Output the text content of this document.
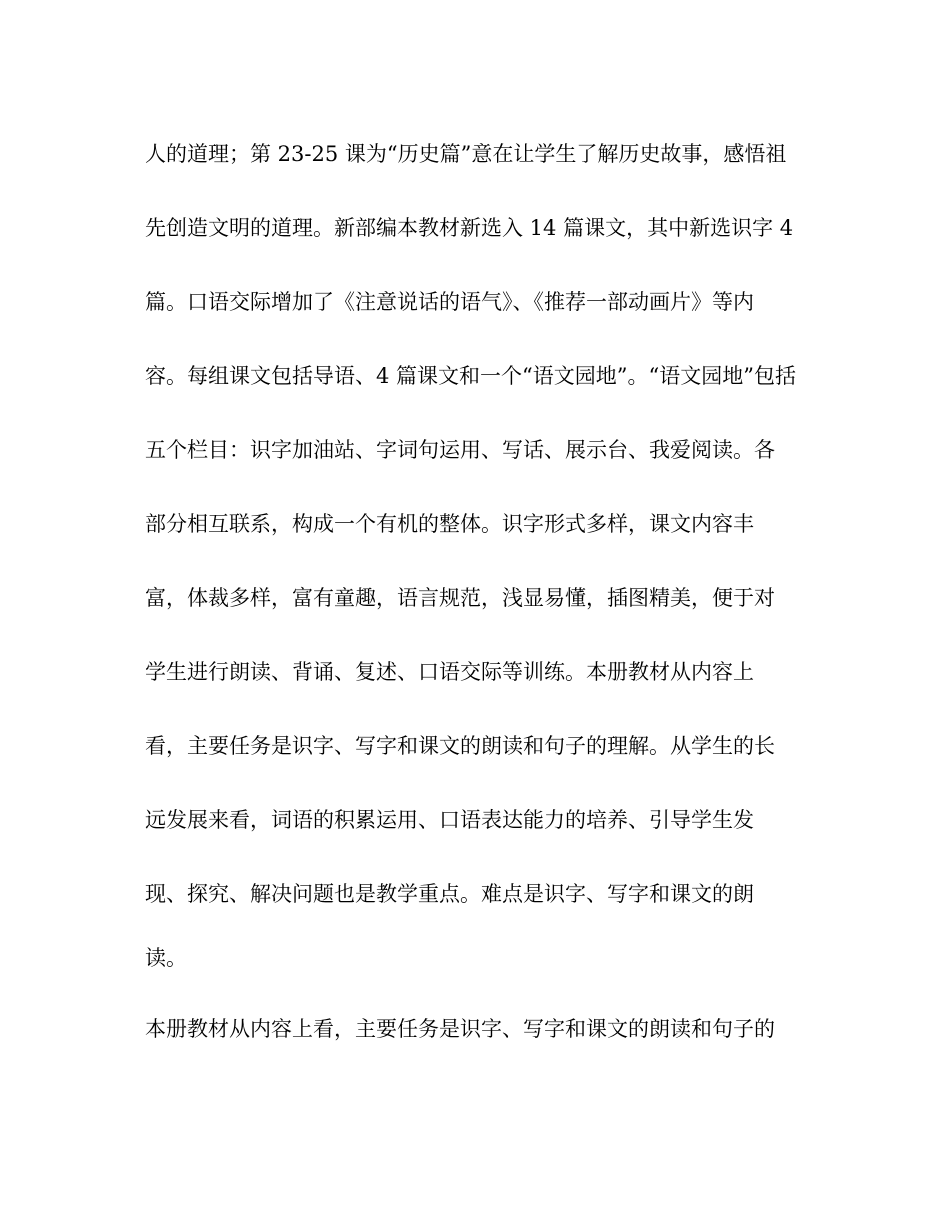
人的道理；第 23-25 课为“历史篇”意在让学生了解历史故事，感悟祖
先创造文明的道理。新部编本教材新选入 14 篇课文，其中新选识字 4
篇。口语交际增加了《注意说话的语气》、《推荐一部动画片》等内
容。每组课文包括导语、4 篇课文和一个“语文园地”。“语文园地”包括
五个栏目：识字加油站、字词句运用、写话、展示台、我爱阅读。各
部分相互联系，构成一个有机的整体。识字形式多样，课文内容丰
富，体裁多样，富有童趣，语言规范，浅显易懂，插图精美，便于对
学生进行朗读、背诵、复述、口语交际等训练。本册教材从内容上
看，主要任务是识字、写字和课文的朗读和句子的理解。从学生的长
远发展来看，词语的积累运用、口语表达能力的培养、引导学生发
现、探究、解决问题也是教学重点。难点是识字、写字和课文的朗
读。
本册教材从内容上看，主要任务是识字、写字和课文的朗读和句子的
